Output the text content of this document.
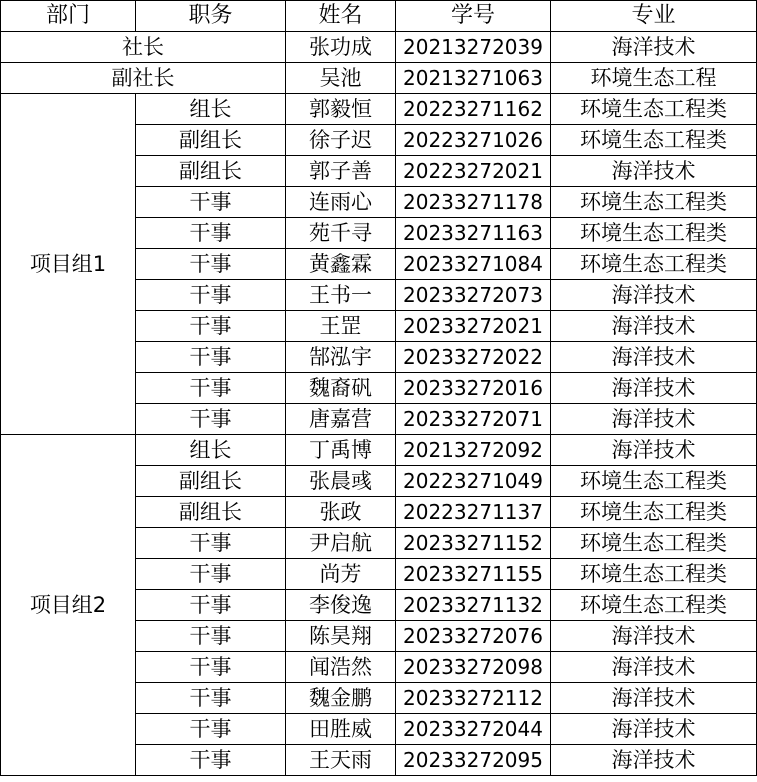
部门	职务	姓名	学号	专业
社长		张功成	20213272039	海洋技术
副社长		吴池	20213271063	环境生态工程
项目组1	组长	郭毅恒	20223271162	环境生态工程类
	副组长	徐子迟	20223271026	环境生态工程类
	副组长	郭子善	20223272021	海洋技术
	干事	连雨心	20233271178	环境生态工程类
	干事	苑千寻	20233271163	环境生态工程类
	干事	黄鑫霖	20233271084	环境生态工程类
	干事	王书一	20233272073	海洋技术
	干事	王罡	20233272021	海洋技术
	干事	郜泓宇	20233272022	海洋技术
	干事	魏裔矾	20233272016	海洋技术
	干事	唐嘉营	20233272071	海洋技术
项目组2	组长	丁禹博	20213272092	海洋技术
	副组长	张晨彧	20223271049	环境生态工程类
	副组长	张政	20223271137	环境生态工程类
	干事	尹启航	20233271152	环境生态工程类
	干事	尚芳	20233271155	环境生态工程类
	干事	李俊逸	20233271132	环境生态工程类
	干事	陈昊翔	20233272076	海洋技术
	干事	闻浩然	20233272098	海洋技术
	干事	魏金鹏	20233272112	海洋技术
	干事	田胜威	20233272044	海洋技术
	干事	王天雨	20233272095	海洋技术
